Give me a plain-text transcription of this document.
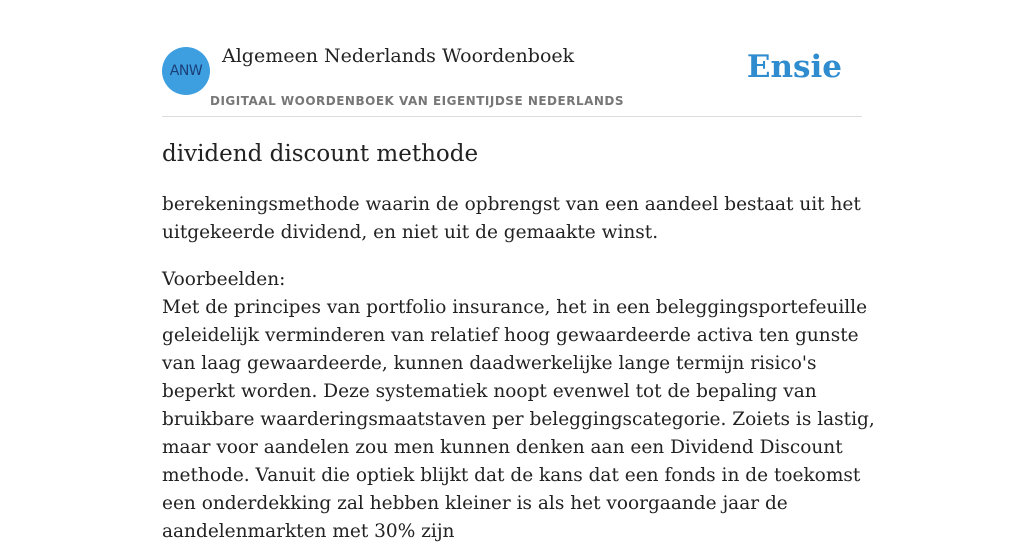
ANW
Algemeen Nederlands Woordenboek
DIGITAAL WOORDENBOEK VAN EIGENTIJDSE NEDERLANDS
Ensie
dividend discount methode

berekeningsmethode waarin de opbrengst van een aandeel bestaat uit het uitgekeerde dividend, en niet uit de gemaakte winst.

Voorbeelden:

Met de principes van portfolio insurance, het in een beleggingsportefeuille geleidelijk verminderen van relatief hoog gewaardeerde activa ten gunste van laag gewaardeerde, kunnen daadwerkelijke lange termijn risico's beperkt worden. Deze systematiek noopt evenwel tot de bepaling van bruikbare waarderingsmaatstaven per beleggingscategorie. Zoiets is lastig, maar voor aandelen zou men kunnen denken aan een Dividend Discount methode. Vanuit die optiek blijkt dat de kans dat een fonds in de toekomst een onderdekking zal hebben kleiner is als het voorgaande jaar de aandelenmarkten met 30% zijn
